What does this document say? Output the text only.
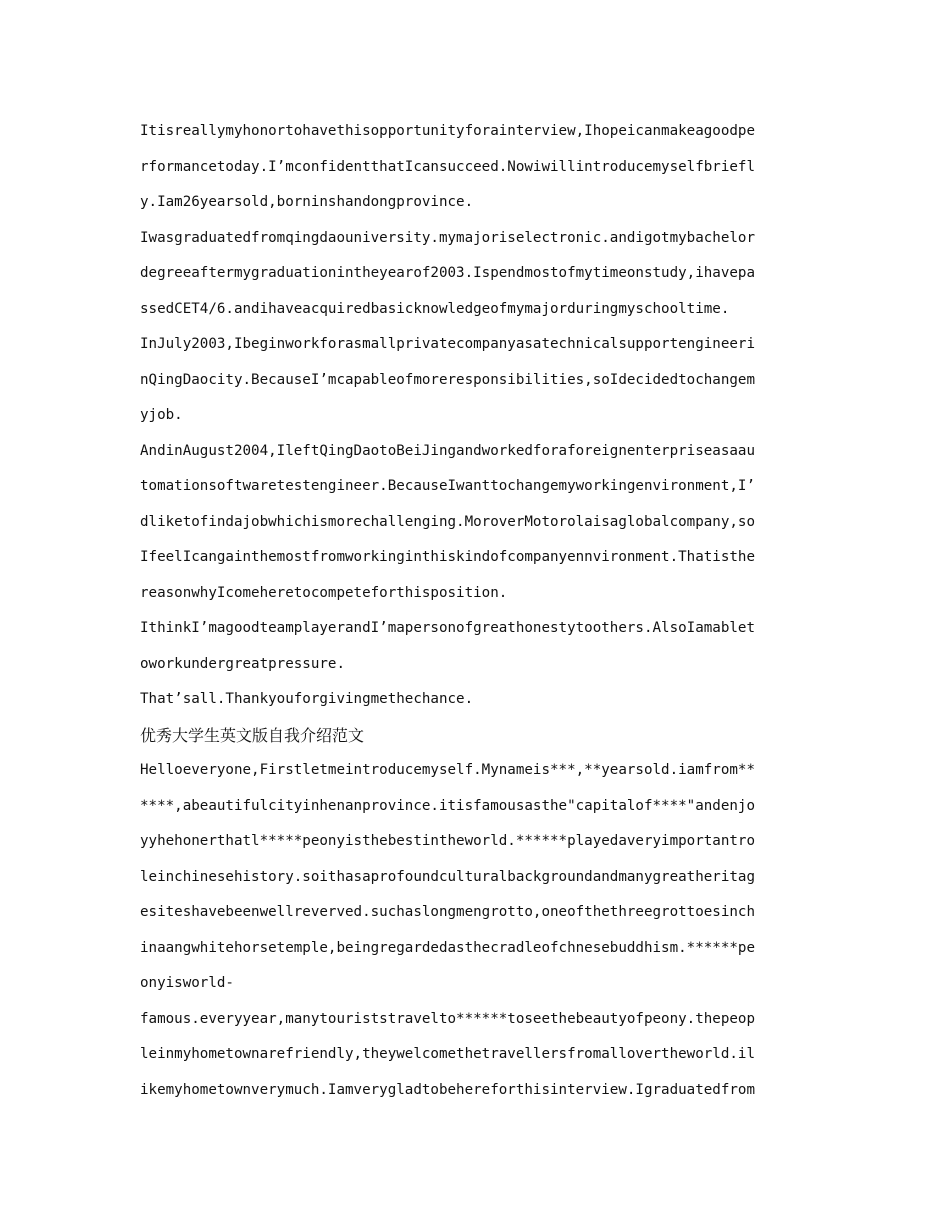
Itisreallymyhonortohavethisopportunityforainterview,Ihopeicanmakeagoodpe
rformancetoday.I’mconfidentthatIcansucceed.Nowiwillintroducemyselfbriefl
y.Iam26yearsold,borninshandongprovince.
Iwasgraduatedfromqingdaouniversity.mymajoriselectronic.andigotmybachelor
degreeaftermygraduationintheyearof2003.Ispendmostofmytimeonstudy,ihavepa
ssedCET4/6.andihaveacquiredbasicknowledgeofmymajorduringmyschooltime.
InJuly2003,Ibeginworkforasmallprivatecompanyasatechnicalsupportengineeri
nQingDaocity.BecauseI’mcapableofmoreresponsibilities,soIdecidedtochangem
yjob.
AndinAugust2004,IleftQingDaotoBeiJingandworkedforaforeignenterpriseasaau
tomationsoftwaretestengineer.BecauseIwanttochangemyworkingenvironment,I’
dliketofindajobwhichismorechallenging.MoroverMotorolaisaglobalcompany,so
IfeelIcangainthemostfromworkinginthiskindofcompanyennvironment.Thatisthe
reasonwhyIcomeheretocompeteforthisposition.
IthinkI’magoodteamplayerandI’mapersonofgreathonestytoothers.AlsoIamablet
oworkundergreatpressure.
That’sall.Thankyouforgivingmethechance.
优秀大学生英文版自我介绍范文
Helloeveryone,Firstletmeintroducemyself.Mynameis***,**yearsold.iamfrom**
****,abeautifulcityinhenanprovince.itisfamousasthe"capitalof****"andenjo
yyhehonerthatl*****peonyisthebestintheworld.******playedaveryimportantro
leinchinesehistory.soithasaprofoundculturalbackgroundandmanygreatheritag
esiteshavebeenwellreverved.suchaslongmengrotto,oneofthethreegrottoesinch
inaangwhitehorsetemple,beingregardedasthecradleofchnesebuddhism.******pe
onyisworld-
famous.everyyear,manytouriststravelto******toseethebeautyofpeony.thepeop
leinmyhometownarefriendly,theywelcomethetravellersfromallovertheworld.il
ikemyhometownverymuch.Iamverygladtobehereforthisinterview.Igraduatedfrom
